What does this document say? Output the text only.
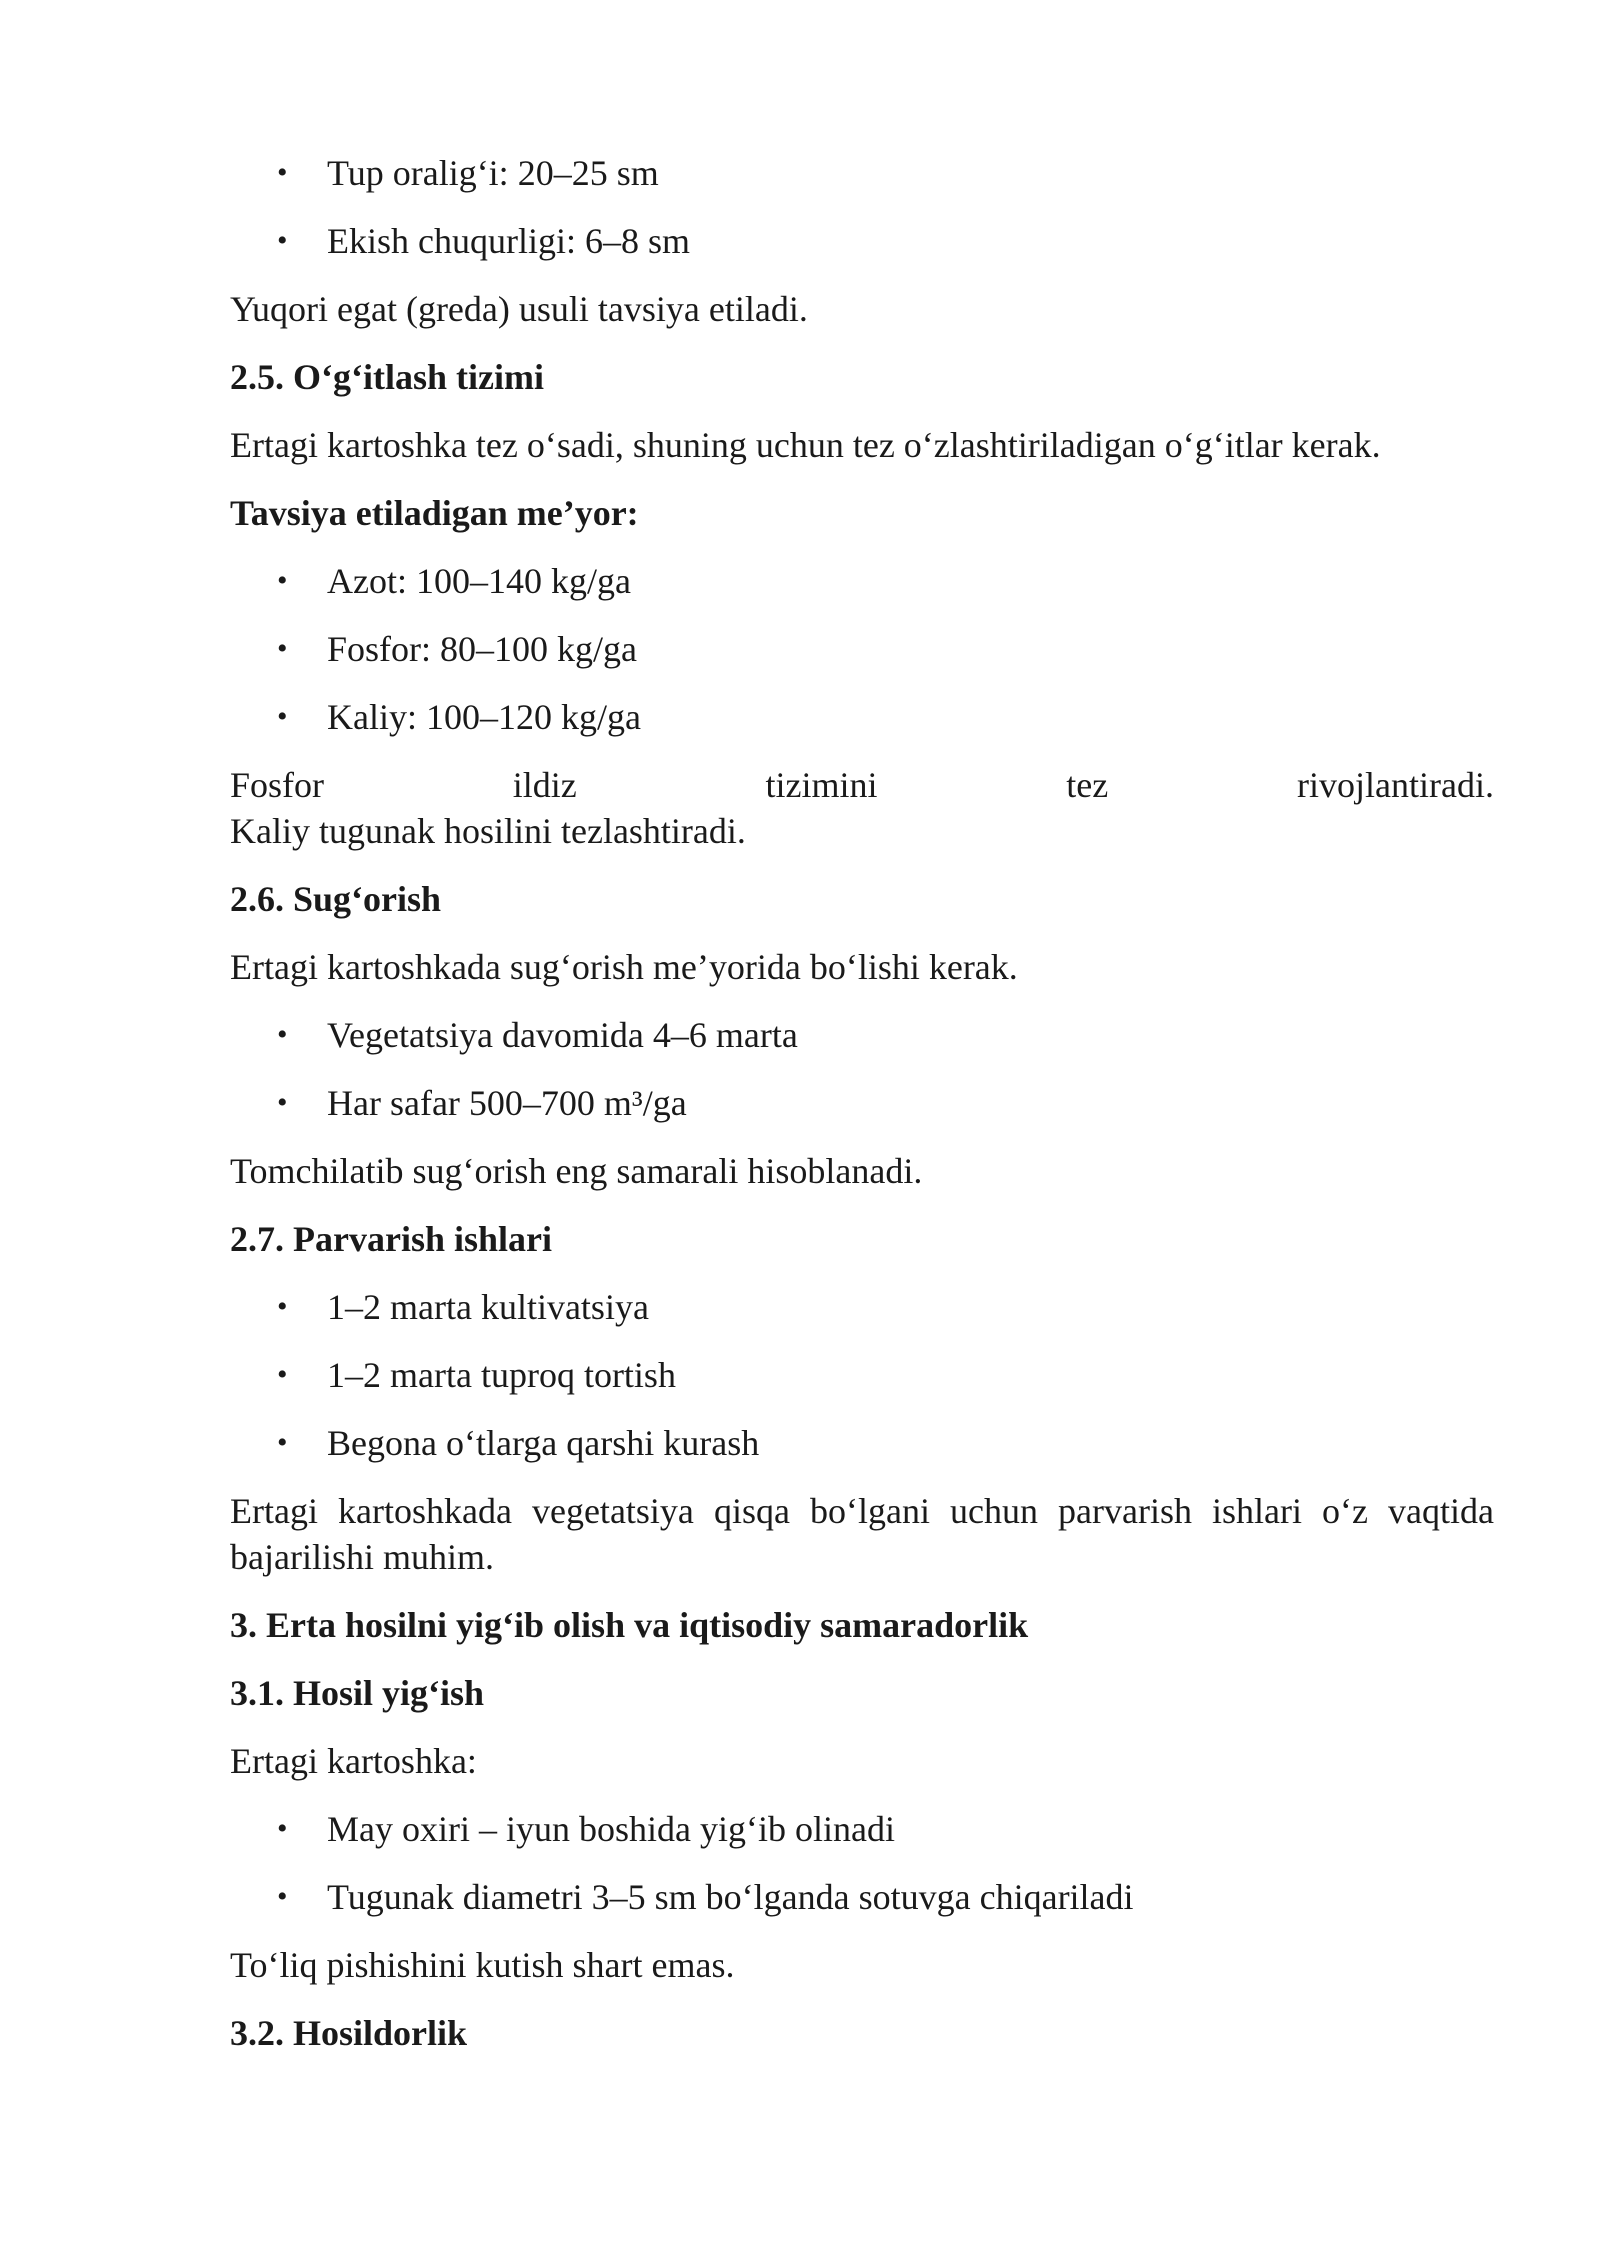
• Tup oralig‘i: 20–25 sm
• Ekish chuqurligi: 6–8 sm

Yuqori egat (greda) usuli tavsiya etiladi.

2.5. O‘g‘itlash tizimi

Ertagi kartoshka tez o‘sadi, shuning uchun tez o‘zlashtiriladigan o‘g‘itlar kerak.

Tavsiya etiladigan me’yor:

• Azot: 100–140 kg/ga
• Fosfor: 80–100 kg/ga
• Kaliy: 100–120 kg/ga
Fosfor	ildiz	tizimini	tez	rivojlantiradi.
Kaliy tugunak hosilini tezlashtiradi.

2.6. Sug‘orish

Ertagi kartoshkada sug‘orish me’yorida bo‘lishi kerak.

• Vegetatsiya davomida 4–6 marta
• Har safar 500–700 m³/ga

Tomchilatib sug‘orish eng samarali hisoblanadi.

2.7. Parvarish ishlari

• 1–2 marta kultivatsiya
• 1–2 marta tuproq tortish
• Begona o‘tlarga qarshi kurash

Ertagi kartoshkada vegetatsiya qisqa bo‘lgani uchun parvarish ishlari o‘z vaqtida bajarilishi muhim.

3. Erta hosilni yig‘ib olish va iqtisodiy samaradorlik

3.1. Hosil yig‘ish

Ertagi kartoshka:

• May oxiri – iyun boshida yig‘ib olinadi
• Tugunak diametri 3–5 sm bo‘lganda sotuvga chiqariladi

To‘liq pishishini kutish shart emas.

3.2. Hosildorlik
